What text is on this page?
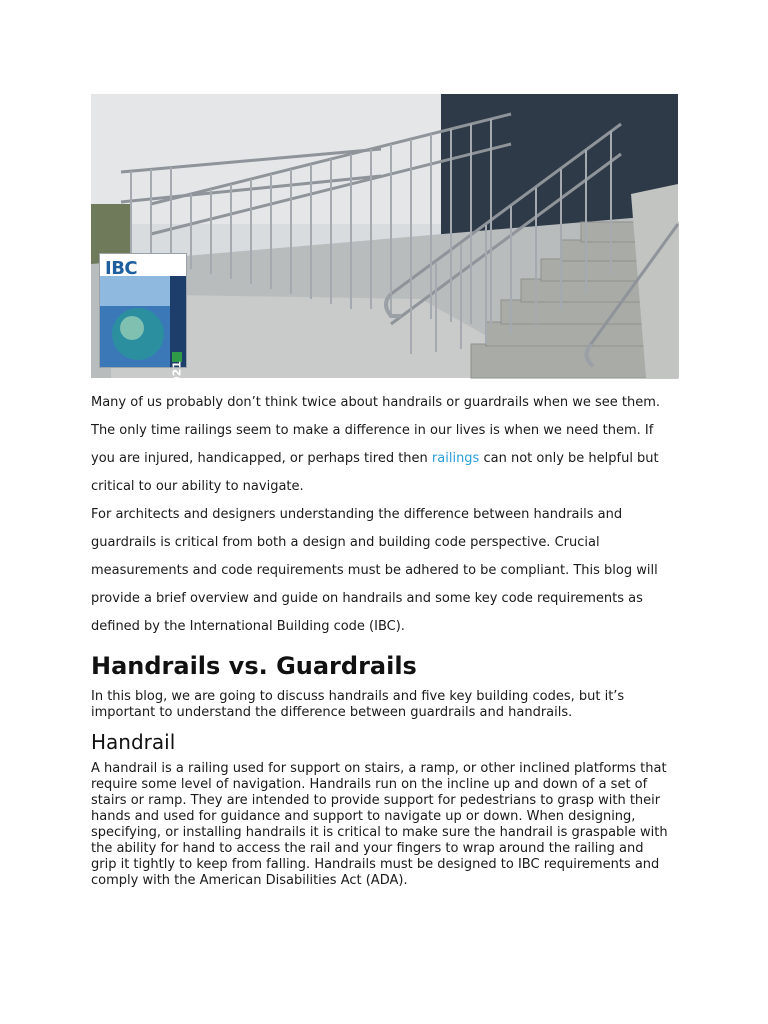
IBC
2021

Many of us probably don’t think twice about handrails or guardrails when we see them.

The only time railings seem to make a difference in our lives is when we need them. If

you are injured, handicapped, or perhaps tired then railings can not only be helpful but

critical to our ability to navigate.

For architects and designers understanding the difference between handrails and

guardrails is critical from both a design and building code perspective. Crucial

measurements and code requirements must be adhered to be compliant. This blog will

provide a brief overview and guide on handrails and some key code requirements as

defined by the International Building code (IBC).

Handrails vs. Guardrails

In this blog, we are going to discuss handrails and five key building codes, but it’s

important to understand the difference between guardrails and handrails.

Handrail

A handrail is a railing used for support on stairs, a ramp, or other inclined platforms that

require some level of navigation. Handrails run on the incline up and down of a set of

stairs or ramp. They are intended to provide support for pedestrians to grasp with their

hands and used for guidance and support to navigate up or down. When designing,

specifying, or installing handrails it is critical to make sure the handrail is graspable with

the ability for hand to access the rail and your fingers to wrap around the railing and

grip it tightly to keep from falling. Handrails must be designed to IBC requirements and

comply with the American Disabilities Act (ADA).
